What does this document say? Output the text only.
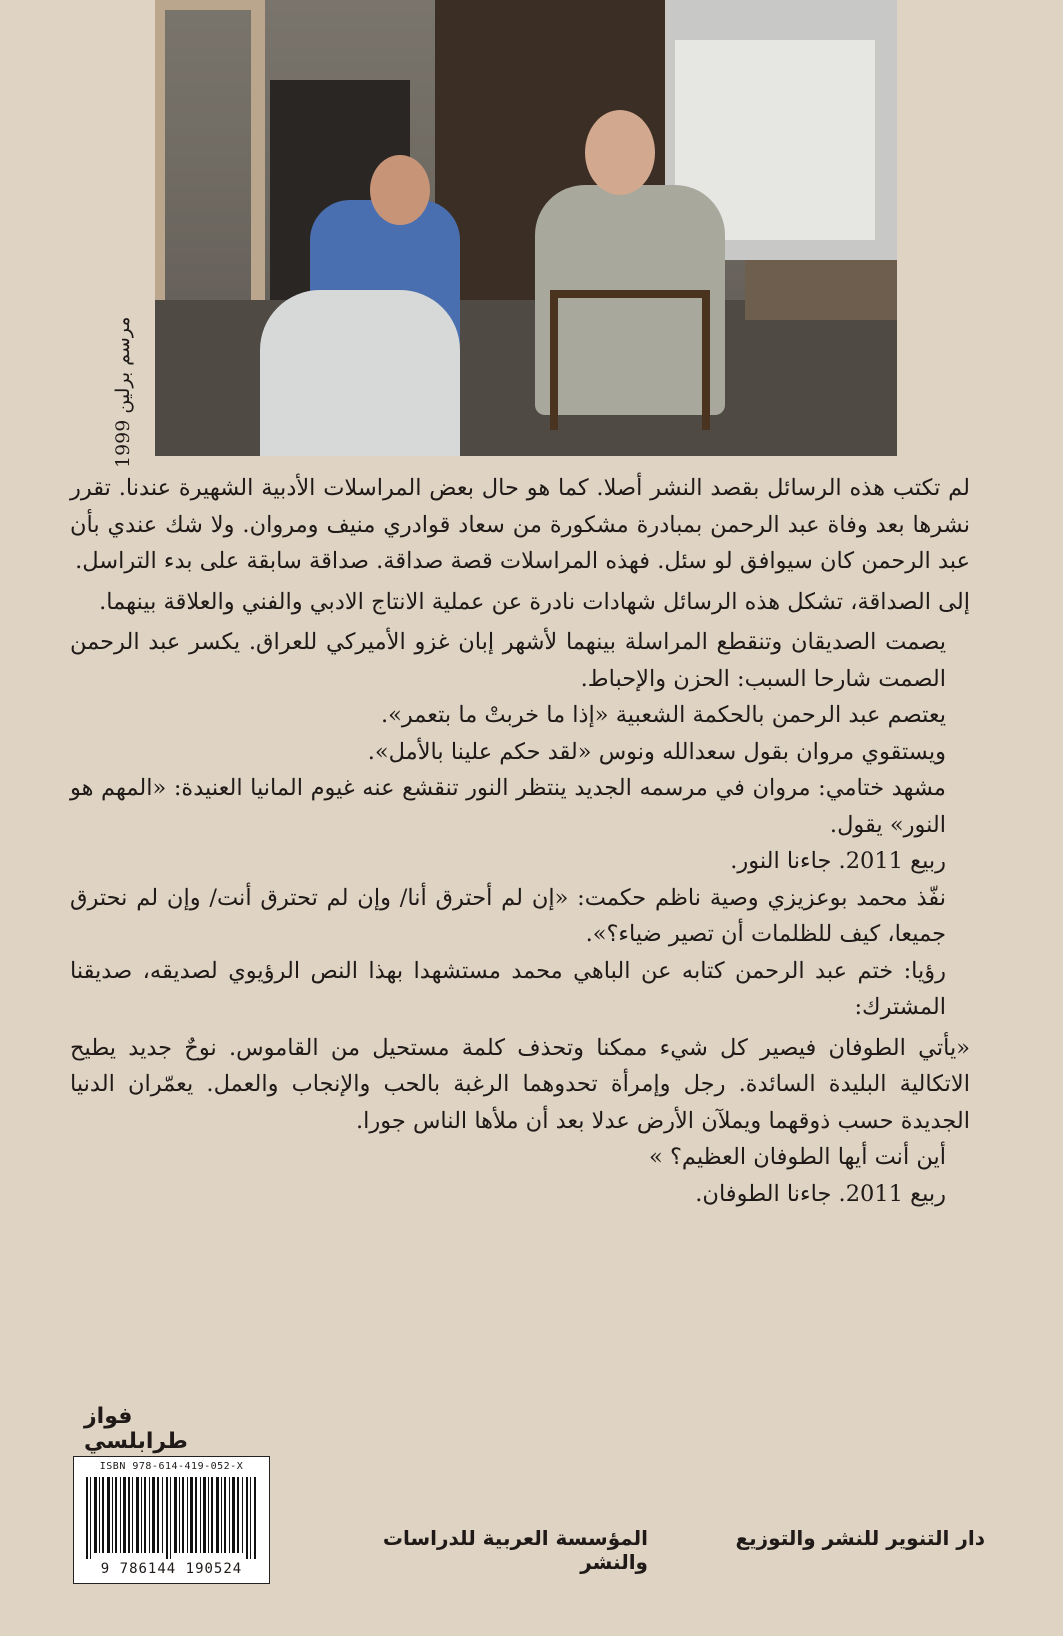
مرسم برلين 1999

لم تكتب هذه الرسائل بقصد النشر أصلا. كما هو حال بعض المراسلات الأدبية الشهيرة عندنا. تقرر نشرها بعد وفاة عبد الرحمن بمبادرة مشكورة من سعاد قوادري منيف ومروان. ولا شك عندي بأن عبد الرحمن كان سيوافق لو سئل. فهذه المراسلات قصة صداقة. صداقة سابقة على بدء التراسل.

إلى الصداقة، تشكل هذه الرسائل شهادات نادرة عن عملية الانتاج الادبي والفني والعلاقة بينهما.

يصمت الصديقان وتنقطع المراسلة بينهما لأشهر إبان غزو الأميركي للعراق. يكسر عبد الرحمن الصمت شارحا السبب: الحزن والإحباط.

يعتصم عبد الرحمن بالحكمة الشعبية «إذا ما خربتْ ما بتعمر».

ويستقوي مروان بقول سعدالله ونوس «لقد حكم علينا بالأمل».

مشهد ختامي: مروان في مرسمه الجديد ينتظر النور تنقشع عنه غيوم المانيا العنيدة: «المهم هو النور» يقول.

ربيع 2011. جاءنا النور.

نفّذ محمد بوعزيزي وصية ناظم حكمت: «إن لم أحترق أنا/ وإن لم تحترق أنت/ وإن لم نحترق جميعا، كيف للظلمات أن تصير ضياء؟».

رؤيا: ختم عبد الرحمن كتابه عن الباهي محمد مستشهدا بهذا النص الرؤيوي لصديقه، صديقنا المشترك:

«يأتي الطوفان فيصير كل شيء ممكنا وتحذف كلمة مستحيل من القاموس. نوحٌ جديد يطيح الاتكالية البليدة السائدة. رجل وإمرأة تحدوهما الرغبة بالحب والإنجاب والعمل. يعمّران الدنيا الجديدة حسب ذوقهما ويملآن الأرض عدلا بعد أن ملأها الناس جورا.

أين أنت أيها الطوفان العظيم؟ »

ربيع 2011. جاءنا الطوفان.

فواز طرابلسي
ISBN 978-614-419-052-X
9 786144 190524
المؤسسة العربية للدراسات والنشر
دار التنوير للنشر والتوزيع
